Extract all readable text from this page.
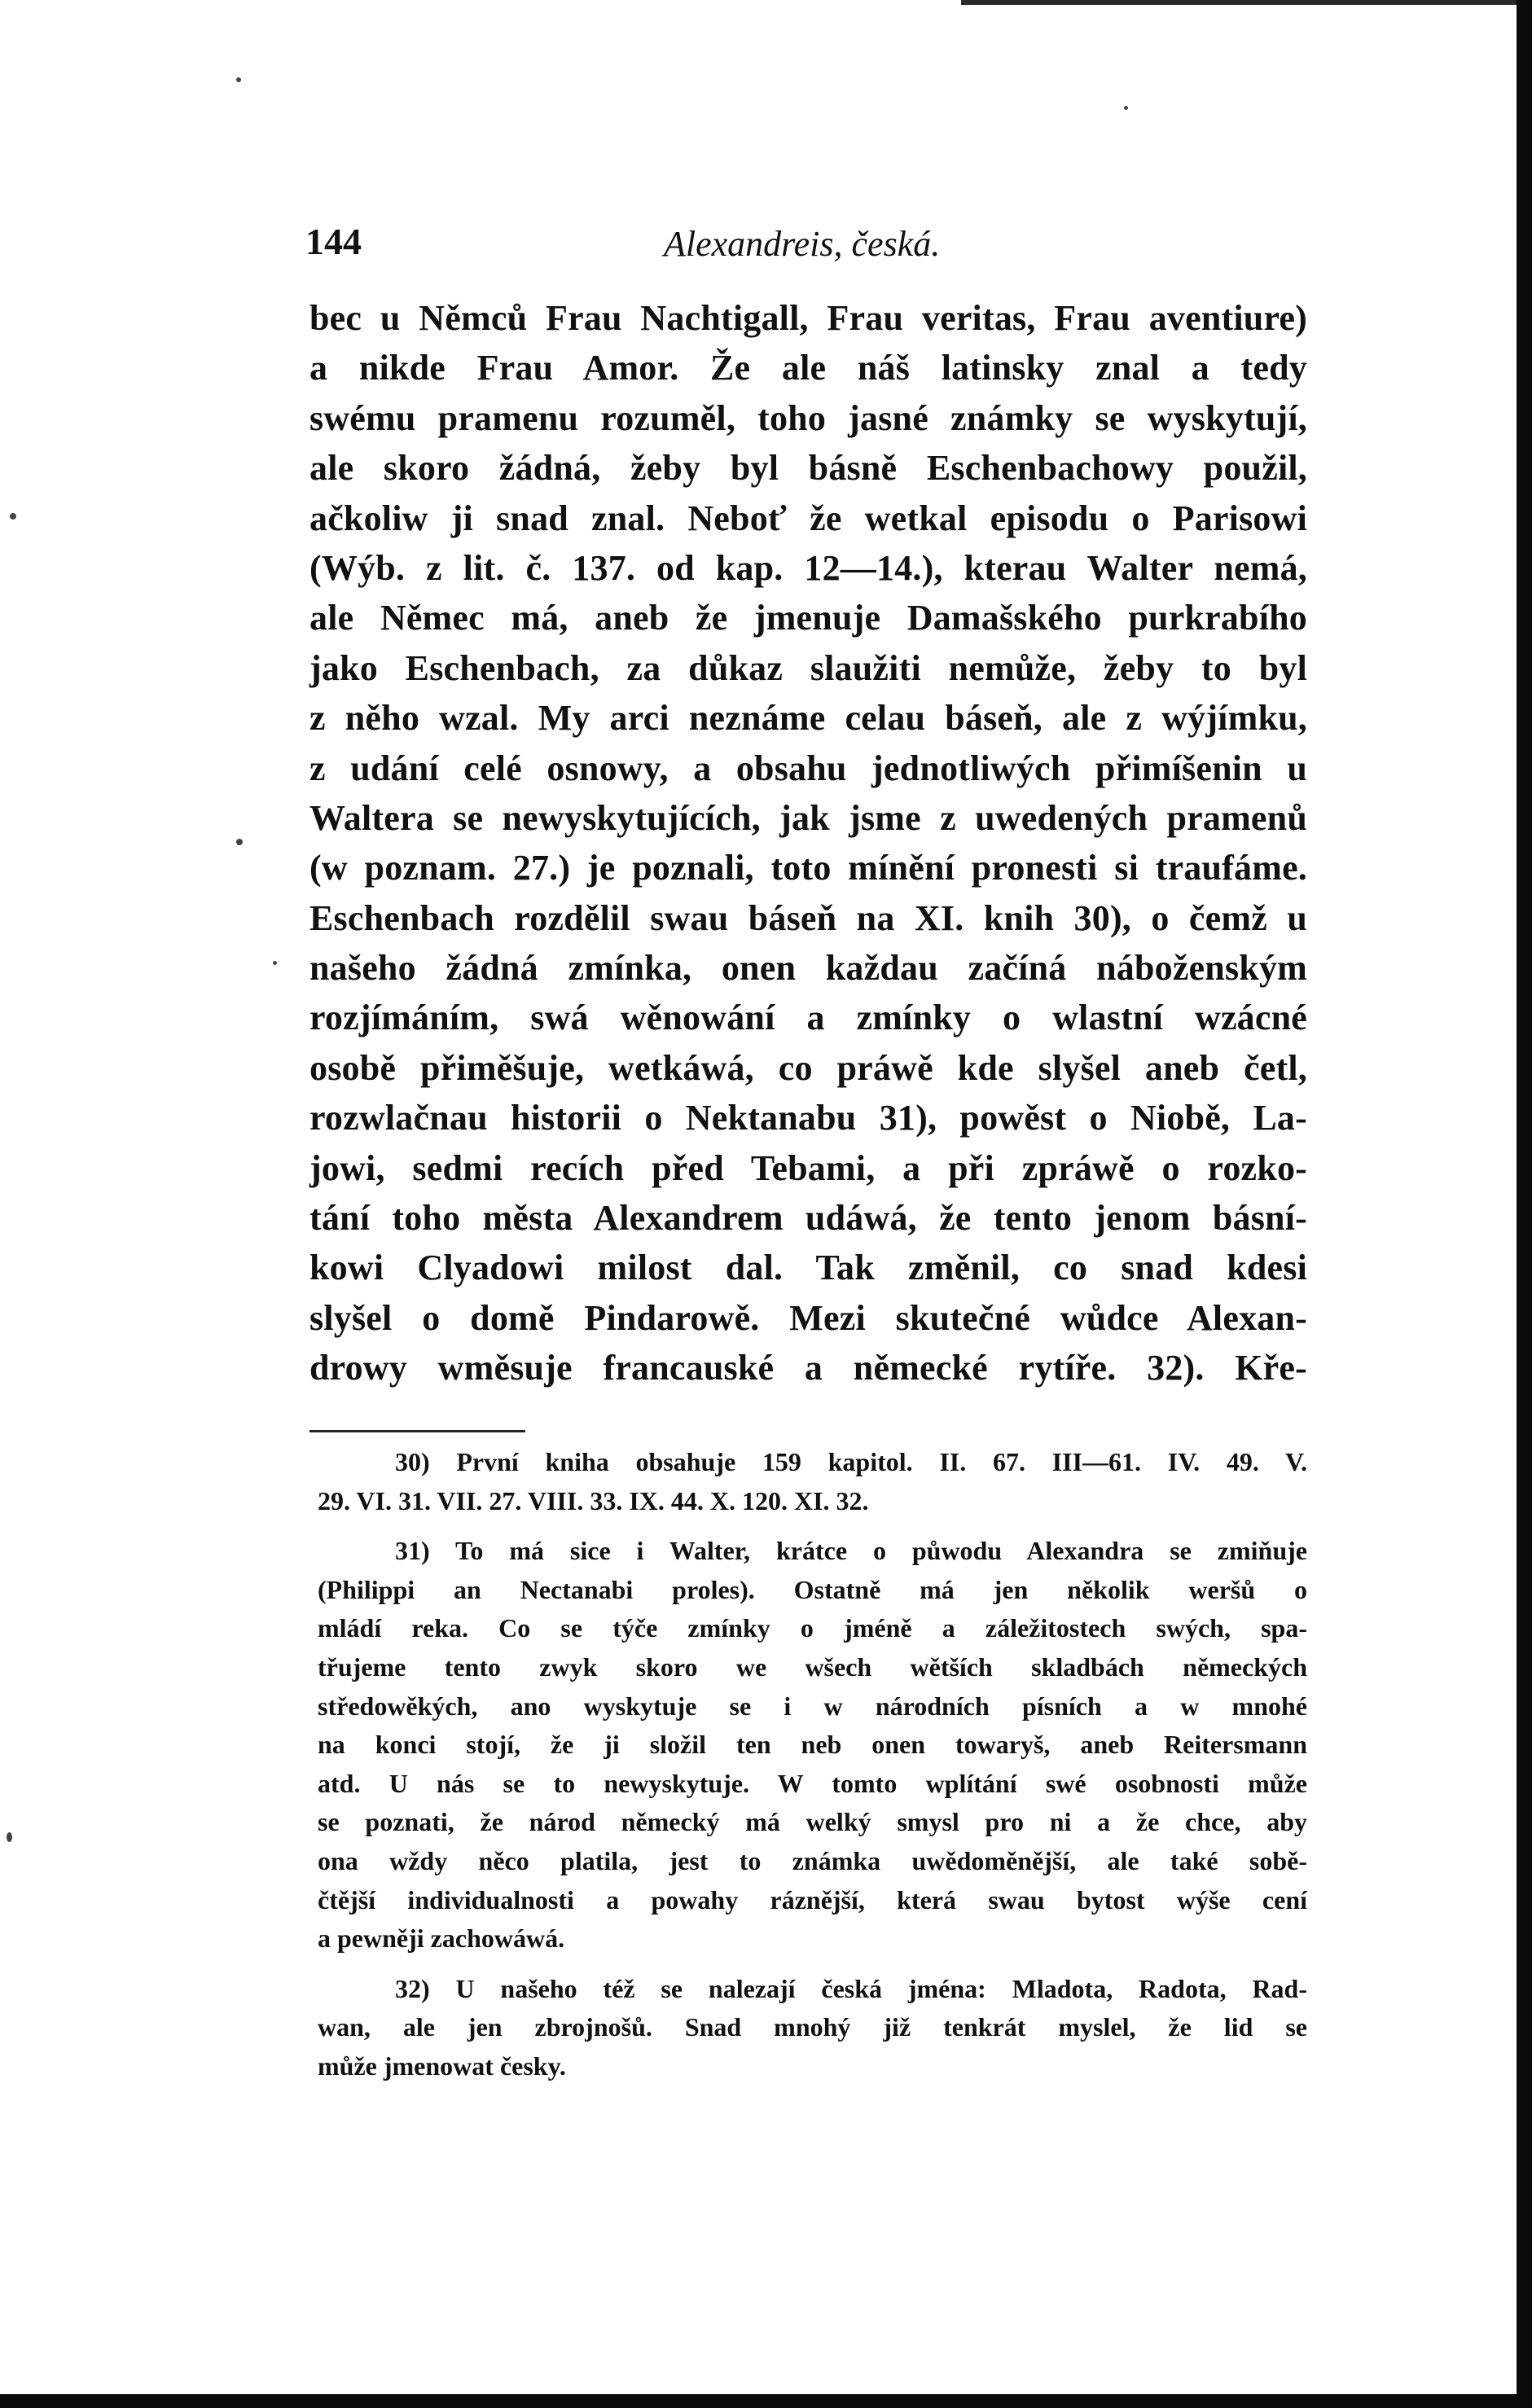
144	Alexandreis, česká.
bec u Němců Frau Nachtigall, Frau veritas, Frau aventiure)
a nikde Frau Amor. Že ale náš latinsky znal a tedy
swému pramenu rozuměl, toho jasné známky se wyskytují,
ale skoro žádná, žeby byl básně Eschenbachowy použil,
ačkoliw ji snad znal. Neboť že wetkal episodu o Parisowi
(Wýb. z lit. č. 137. od kap. 12—14.), kterau Walter nemá,
ale Němec má, aneb že jmenuje Damašského purkrabího
jako Eschenbach, za důkaz slaužiti nemůže, žeby to byl
z něho wzal. My arci neznáme celau báseň, ale z wýjímku,
z udání celé osnowy, a obsahu jednotliwých přimíšenin u
Waltera se newyskytujících, jak jsme z uwedených pramenů
(w poznam. 27.) je poznali, toto mínění pronesti si traufáme.
Eschenbach rozdělil swau báseň na XI. knih 30), o čemž u
našeho žádná zmínka, onen každau začíná náboženským
rozjímáním, swá wěnowání a zmínky o wlastní wzácné
osobě přiměšuje, wetkáwá, co práwě kde slyšel aneb četl,
rozwlačnau historii o Nektanabu 31), powěst o Niobě, La-
jowi, sedmi recích před Tebami, a při zpráwě o rozko-
tání toho města Alexandrem udáwá, že tento jenom básní-
kowi Clyadowi milost dal. Tak změnil, co snad kdesi
slyšel o domě Pindarowě. Mezi skutečné wůdce Alexan-
drowy wměsuje francauské a německé rytíře. 32). Kře-
30) První kniha obsahuje 159 kapitol. II. 67. III—61. IV. 49. V.
29. VI. 31. VII. 27. VIII. 33. IX. 44. X. 120. XI. 32.
31) To má sice i Walter, krátce o půwodu Alexandra se zmiňuje
(Philippi an Nectanabi proles). Ostatně má jen několik weršů o
mládí reka. Co se týče zmínky o jméně a záležitostech swých, spa-
třujeme tento zwyk skoro we wšech wětších skladbách německých
středowěkých, ano wyskytuje se i w národních písních a w mnohé
na konci stojí, že ji složil ten neb onen towaryš, aneb Reitersmann
atd. U nás se to newyskytuje. W tomto wplítání swé osobnosti může
se poznati, že národ německý má welký smysl pro ni a že chce, aby
ona wždy něco platila, jest to známka uwědoměnější, ale také sobě-
čtější individualnosti a powahy ráznější, která swau bytost wýše cení
a pewněji zachowáwá.
32) U našeho též se nalezají česká jména: Mladota, Radota, Rad-
wan, ale jen zbrojnošů. Snad mnohý již tenkrát myslel, že lid se
může jmenowat česky.
